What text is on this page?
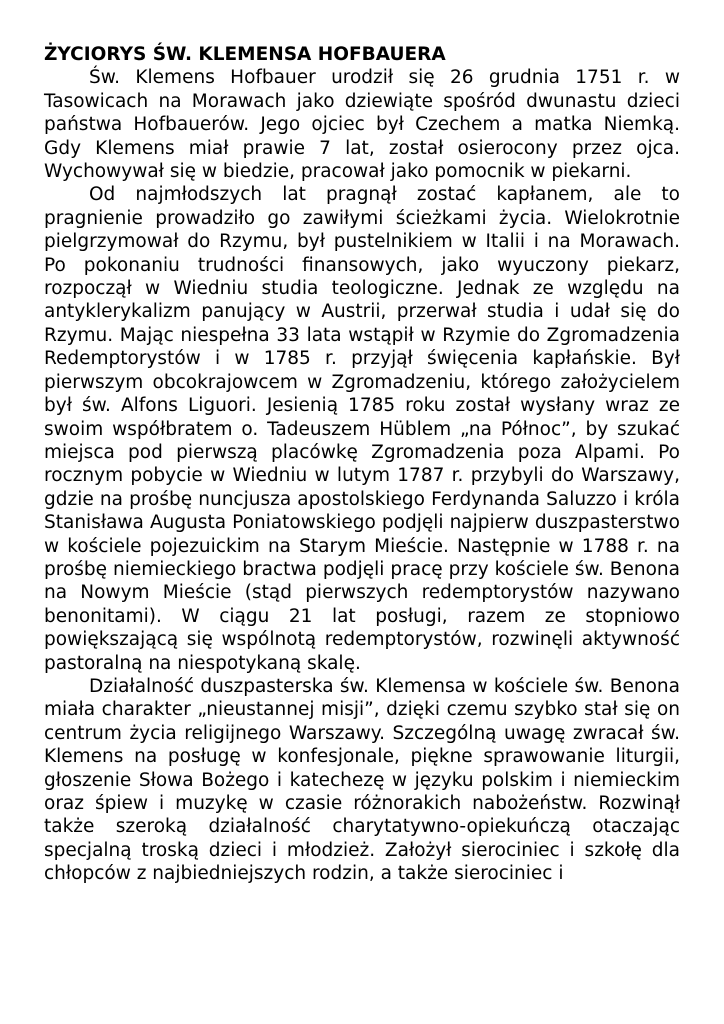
ŻYCIORYS ŚW. KLEMENSA HOFBAUERA

Św. Klemens Hofbauer urodził się 26 grudnia 1751 r. w Tasowicach na Morawach jako dziewiąte spośród dwunastu dzieci państwa Hofbauerów. Jego ojciec był Czechem a matka Niemką. Gdy Klemens miał prawie 7 lat, został osierocony przez ojca. Wychowywał się w biedzie, pracował jako pomocnik w piekarni.

Od najmłodszych lat pragnął zostać kapłanem, ale to pragnienie prowadziło go zawiłymi ścieżkami życia. Wielokrotnie pielgrzymował do Rzymu, był pustelnikiem w Italii i na Morawach. Po pokonaniu trudności finansowych, jako wyuczony piekarz, rozpoczął w Wiedniu studia teologiczne. Jednak ze względu na antyklerykalizm panujący w Austrii, przerwał studia i udał się do Rzymu. Mając niespełna 33 lata wstąpił w Rzymie do Zgromadzenia Redemptorystów i w 1785 r. przyjął święcenia kapłańskie. Był pierwszym obcokrajowcem w Zgromadzeniu, którego założycielem był św. Alfons Liguori. Jesienią 1785 roku został wysłany wraz ze swoim współbratem o. Tadeuszem Hüblem „na Północ”, by szukać miejsca pod pierwszą placówkę Zgromadzenia poza Alpami. Po rocznym pobycie w Wiedniu w lutym 1787 r. przybyli do Warszawy, gdzie na prośbę nuncjusza apostolskiego Ferdynanda Saluzzo i króla Stanisława Augusta Poniatowskiego podjęli najpierw duszpasterstwo w kościele pojezuickim na Starym Mieście. Następnie w 1788 r. na prośbę niemieckiego bractwa podjęli pracę przy kościele św. Benona na Nowym Mieście (stąd pierwszych redemptorystów nazywano benonitami). W ciągu 21 lat posługi, razem ze stopniowo powiększającą się wspólnotą redemptorystów, rozwinęli aktywność pastoralną na niespotykaną skalę.

Działalność duszpasterska św. Klemensa w kościele św. Benona miała charakter „nieustannej misji”, dzięki czemu szybko stał się on centrum życia religijnego Warszawy. Szczególną uwagę zwracał św. Klemens na posługę w konfesjonale, piękne sprawowanie liturgii, głoszenie Słowa Bożego i katechezę w języku polskim i niemieckim oraz śpiew i muzykę w czasie różnorakich nabożeństw. Rozwinął także szeroką działalność charytatywno-opiekuńczą otaczając specjalną troską dzieci i młodzież. Założył sierociniec i szkołę dla chłopców z najbiedniejszych rodzin, a także sierociniec i
